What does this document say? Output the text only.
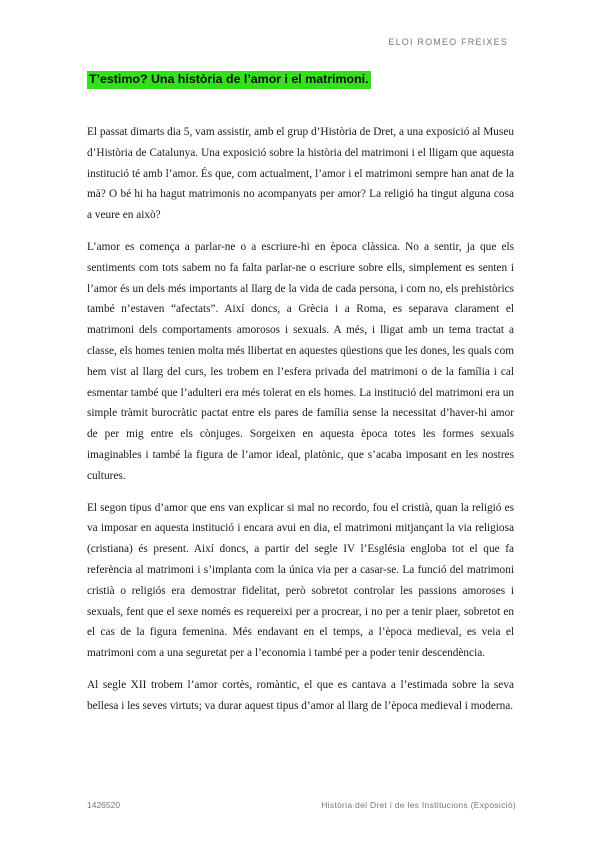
ELOI ROMEO FREIXES
T’estimo? Una història de l’amor i el matrimoni.

El passat dimarts dia 5, vam assistir, amb el grup d’Història de Dret, a una exposició al Museu d’Història de Catalunya. Una exposició sobre la història del matrimoni i el lligam que aquesta institució té amb l’amor. És que, com actualment, l’amor i el matrimoni sempre han anat de la mà? O bé hi ha hagut matrimonis no acompanyats per amor? La religió ha tingut alguna cosa a veure en això?

L’amor es comença a parlar-ne o a escriure-hi en època clàssica. No a sentir, ja que els sentiments com tots sabem no fa falta parlar-ne o escriure sobre ells, simplement es senten i l’amor és un dels més importants al llarg de la vida de cada persona, i com no, els prehistòrics també n’estaven “afectats”. Així doncs, a Grècia i a Roma, es separava clarament el matrimoni dels comportaments amorosos i sexuals. A més, i lligat amb un tema tractat a classe, els homes tenien molta més llibertat en aquestes qüestions que les dones, les quals com hem vist al llarg del curs, les trobem en l’esfera privada del matrimoni o de la família i cal esmentar també que l’adulteri era més tolerat en els homes. La institució del matrimoni era un simple tràmit burocràtic pactat entre els pares de família sense la necessitat d’haver-hi amor de per mig entre els cònjuges. Sorgeixen en aquesta època totes les formes sexuals imaginables i també la figura de l’amor ideal, platònic, que s’acaba imposant en les nostres cultures.

El segon tipus d’amor que ens van explicar si mal no recordo, fou el cristià, quan la religió es va imposar en aquesta institució i encara avui en dia, el matrimoni mitjançant la via religiosa (cristiana) és present. Així doncs, a partir del segle IV l’Església engloba tot el que fa referència al matrimoni i s’implanta com la única via per a casar-se. La funció del matrimoni cristià o religiós era demostrar fidelitat, però sobretot controlar les passions amoroses i sexuals, fent que el sexe només es requereixi per a procrear, i no per a tenir plaer, sobretot en el cas de la figura femenina. Més endavant en el temps, a l’època medieval, es veia el matrimoni com a una seguretat per a l’economia i també per a poder tenir descendència.

Al segle XII trobem l’amor cortès, romàntic, el que es cantava a l’estimada sobre la seva bellesa i les seves virtuts; va durar aquest tipus d’amor al llarg de l’època medieval i moderna.

1426520	Història del Dret i de les Institucions (Exposició)
